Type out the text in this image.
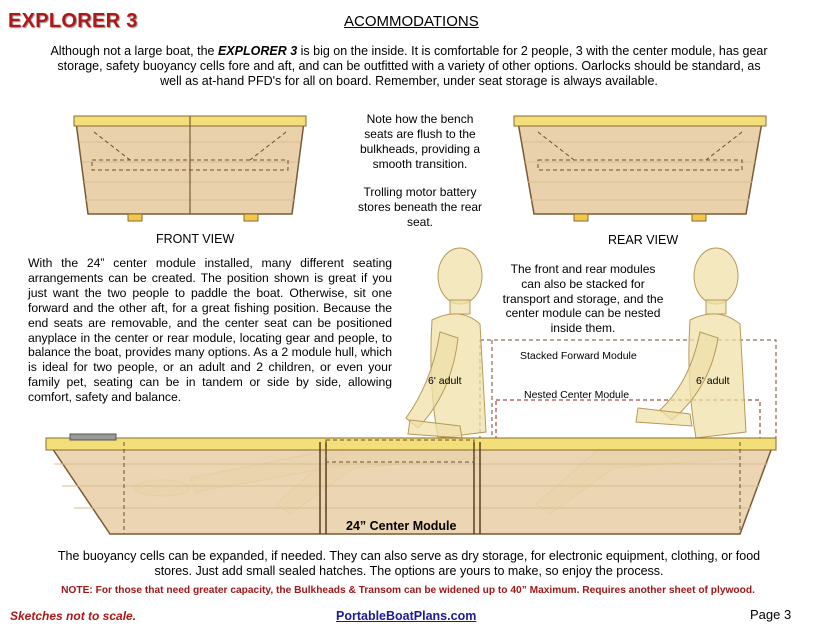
EXPLORER 3	ACOMMODATIONS
Although not a large boat, the EXPLORER 3 is big on the inside. It is comfortable for 2 people, 3 with the center module, has gear storage, safety buoyancy cells fore and aft, and can be outfitted with a variety of other options. Oarlocks should be standard, as well as at-hand PFD's for all on board. Remember, under seat storage is always available.
Note how the bench seats are flush to the bulkheads, providing a smooth transition.
Trolling motor battery stores beneath the rear seat.
FRONT VIEW	REAR VIEW
With the 24” center module installed, many different seating arrangements can be created. The position shown is great if you just want the two people to paddle the boat. Otherwise, sit one forward and the other aft, for a great fishing position. Because the end seats are removable, and the center seat can be positioned anyplace in the center or rear module, locating gear and people, to balance the boat, provides many options. As a 2 module hull, which is ideal for two people, or an adult and 2 children, or even your family pet, seating can be in tandem or side by side, allowing comfort, safety and balance.
The front and rear modules can also be stacked for transport and storage, and the center module can be nested inside them.
Stacked Forward Module
Nested Center Module
6' adult	6' adult
24” Center Module
The buoyancy cells can be expanded, if needed. They can also serve as dry storage, for electronic equipment, clothing, or food stores. Just add small sealed hatches. The options are yours to make, so enjoy the process.
NOTE: For those that need greater capacity, the Bulkheads & Transom can be widened up to 40” Maximum. Requires another sheet of plywood.
Sketches not to scale.	PortableBoatPlans.com	Page 3
